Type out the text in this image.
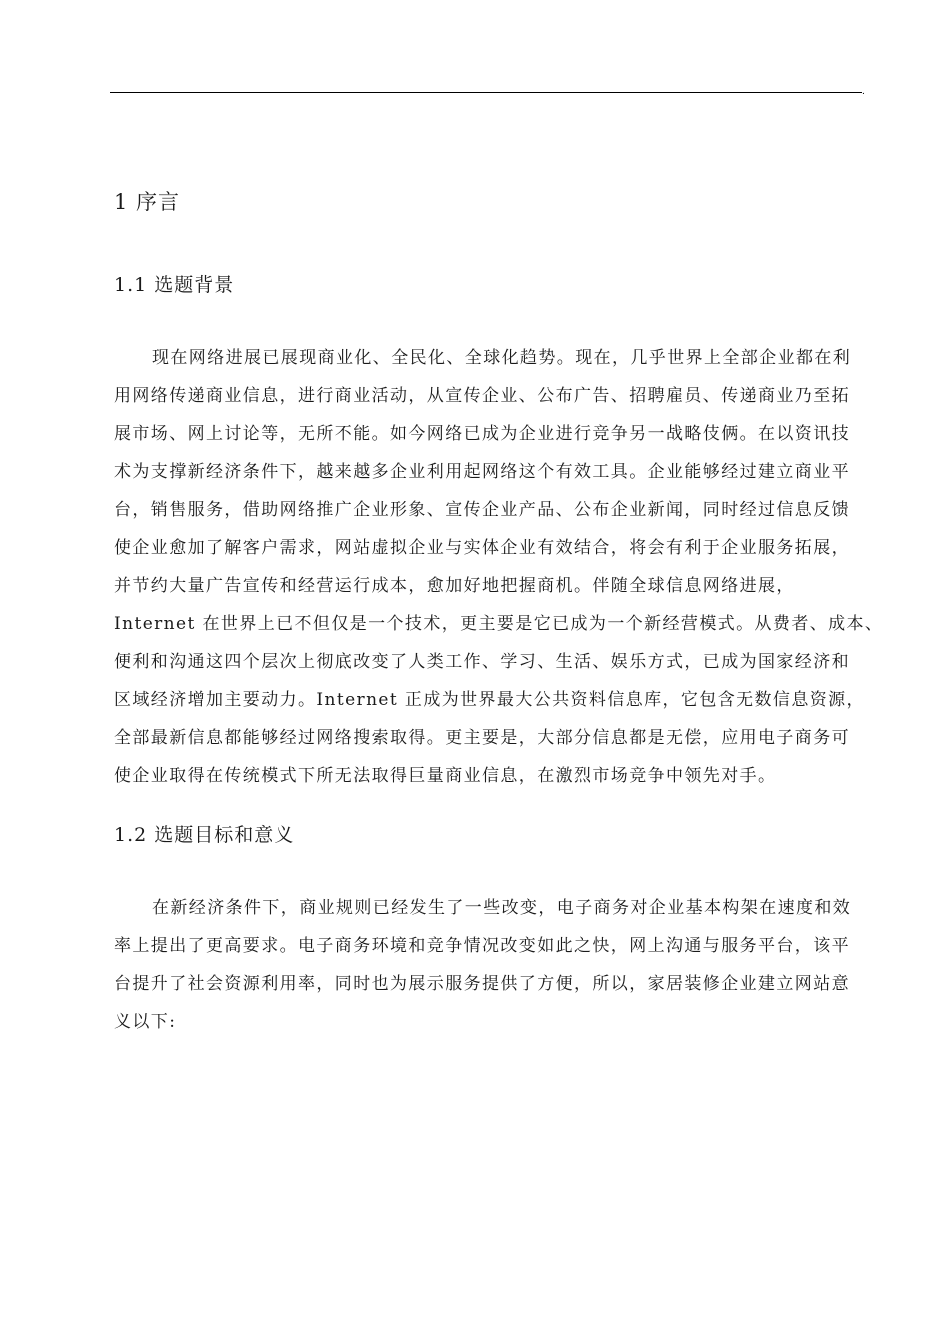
.
1 序言
1.1 选题背景

现在网络进展已展现商业化、全民化、全球化趋势。现在，几乎世界上全部企业都在利
用网络传递商业信息，进行商业活动，从宣传企业、公布广告、招聘雇员、传递商业乃至拓
展市场、网上讨论等，无所不能。如今网络已成为企业进行竞争另一战略伎俩。在以资讯技
术为支撑新经济条件下，越来越多企业利用起网络这个有效工具。企业能够经过建立商业平
台，销售服务，借助网络推广企业形象、宣传企业产品、公布企业新闻，同时经过信息反馈
使企业愈加了解客户需求，网站虚拟企业与实体企业有效结合，将会有利于企业服务拓展，
并节约大量广告宣传和经营运行成本，愈加好地把握商机。伴随全球信息网络进展，
Internet 在世界上已不但仅是一个技术，更主要是它已成为一个新经营模式。从费者、成本、
便利和沟通这四个层次上彻底改变了人类工作、学习、生活、娱乐方式，已成为国家经济和
区域经济增加主要动力。Internet 正成为世界最大公共资料信息库，它包含无数信息资源，
全部最新信息都能够经过网络搜索取得。更主要是，大部分信息都是无偿，应用电子商务可
使企业取得在传统模式下所无法取得巨量商业信息，在激烈市场竞争中领先对手。

1.2 选题目标和意义

在新经济条件下，商业规则已经发生了一些改变，电子商务对企业基本构架在速度和效
率上提出了更高要求。电子商务环境和竞争情况改变如此之快，网上沟通与服务平台，该平
台提升了社会资源利用率，同时也为展示服务提供了方便，所以，家居装修企业建立网站意
义以下:
